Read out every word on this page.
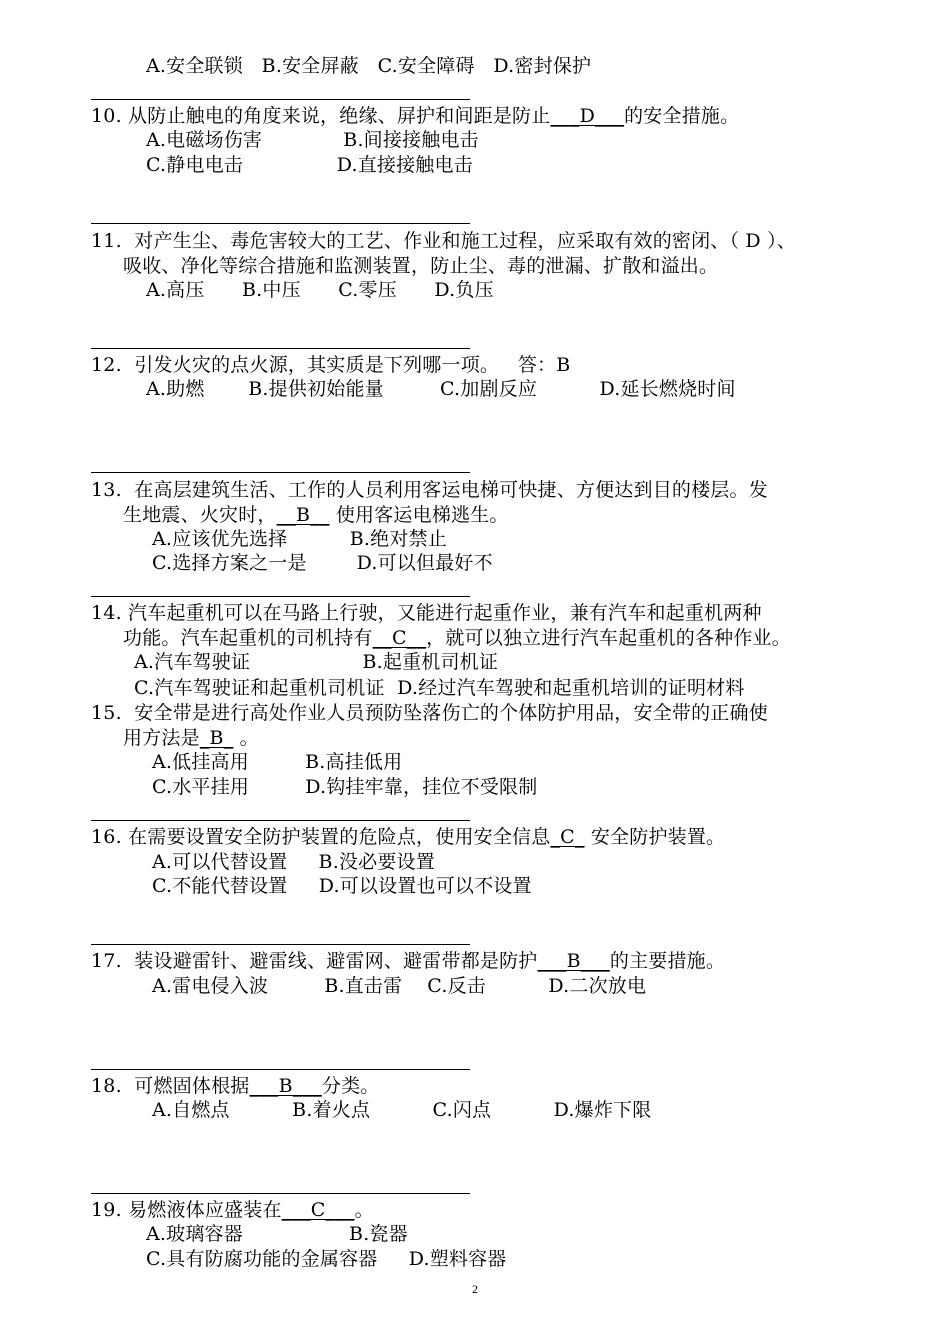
A.安全联锁   B.安全屏蔽   C.安全障碍   D.密封保护
10. 从防止触电的角度来说，绝缘、屏护和间距是防止___D___的安全措施。
A.电磁场伤害             B.间接接触电击
C.静电电击               D.直接接触电击
11.  对产生尘、毒危害较大的工艺、作业和施工过程，应采取有效的密闭、（ D ）、
吸收、净化等综合措施和监测装置，防止尘、毒的泄漏、扩散和溢出。
A.高压      B.中压      C.零压      D.负压
12.  引发火灾的点火源，其实质是下列哪一项。   答：B
A.助燃       B.提供初始能量         C.加剧反应          D.延长燃烧时间
13.  在高层建筑生活、工作的人员利用客运电梯可快捷、方便达到目的楼层。发
生地震、火灾时，__B__ 使用客运电梯逃生。
A.应该优先选择          B.绝对禁止
C.选择方案之一是        D.可以但最好不
14. 汽车起重机可以在马路上行驶，又能进行起重作业，兼有汽车和起重机两种
功能。汽车起重机的司机持有__C__，就可以独立进行汽车起重机的各种作业。
A.汽车驾驶证                  B.起重机司机证
C.汽车驾驶证和起重机司机证  D.经过汽车驾驶和起重机培训的证明材料
15.  安全带是进行高处作业人员预防坠落伤亡的个体防护用品，安全带的正确使
用方法是_B_ 。
A.低挂高用         B.高挂低用
C.水平挂用         D.钩挂牢靠，挂位不受限制
16. 在需要设置安全防护装置的危险点，使用安全信息_C_ 安全防护装置。
A.可以代替设置     B.没必要设置
C.不能代替设置     D.可以设置也可以不设置
17.  装设避雷针、避雷线、避雷网、避雷带都是防护___B___的主要措施。
A.雷电侵入波         B.直击雷    C.反击          D.二次放电
18.  可燃固体根据___B___分类。
A.自燃点          B.着火点          C.闪点          D.爆炸下限
19. 易燃液体应盛装在___C___。
A.玻璃容器                 B.瓷器
C.具有防腐功能的金属容器     D.塑料容器
2
